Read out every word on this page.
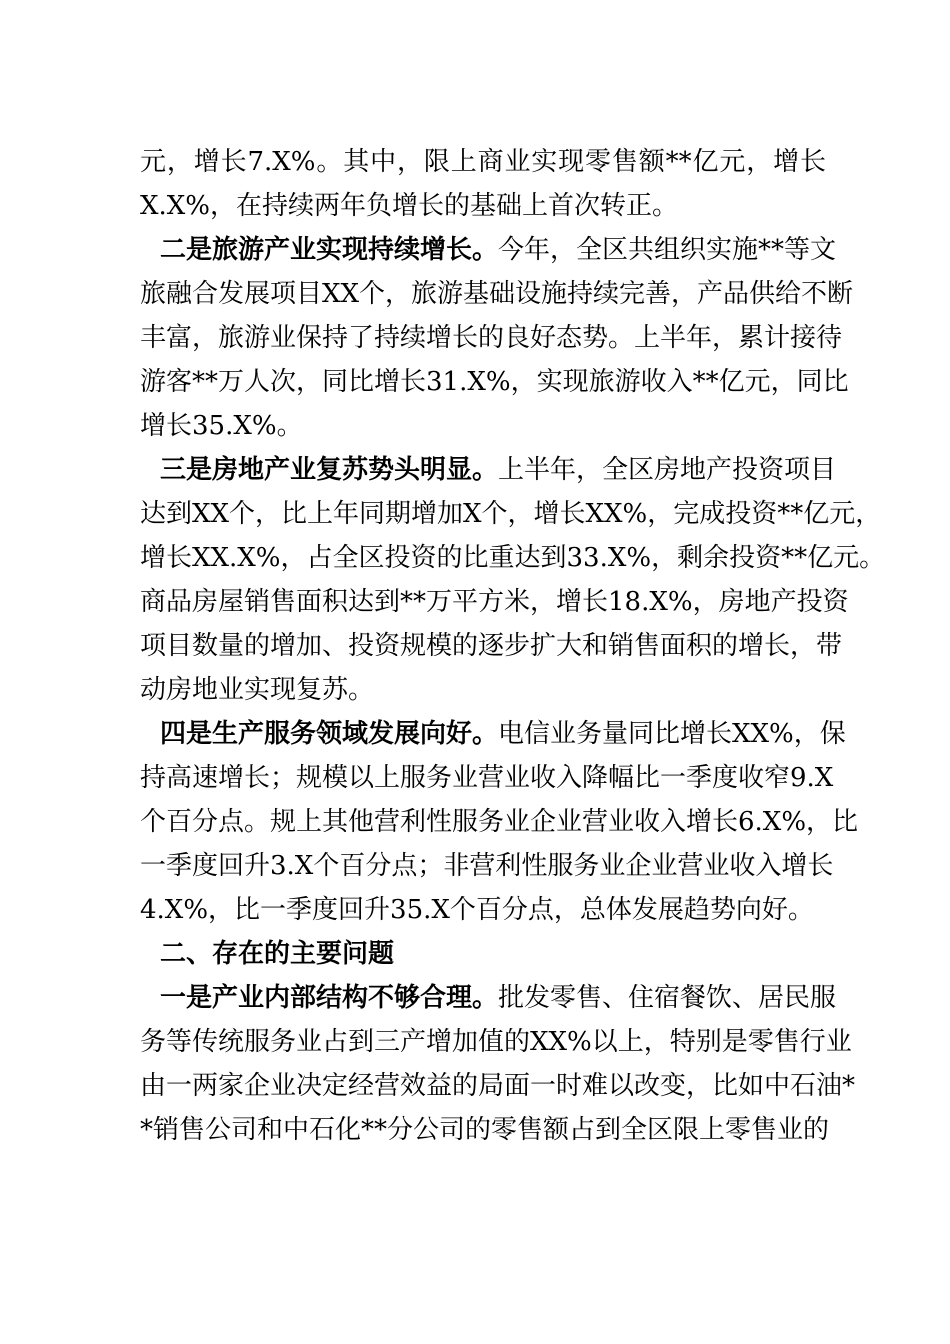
元，增长7.X%。其中，限上商业实现零售额**亿元，增长
X.X%，在持续两年负增长的基础上首次转正。
二是旅游产业实现持续增长。今年，全区共组织实施**等文
旅融合发展项目XX个，旅游基础设施持续完善，产品供给不断
丰富，旅游业保持了持续增长的良好态势。上半年，累计接待
游客**万人次，同比增长31.X%，实现旅游收入**亿元，同比
增长35.X%。
三是房地产业复苏势头明显。上半年，全区房地产投资项目
达到XX个，比上年同期增加X个，增长XX%，完成投资**亿元，
增长XX.X%，占全区投资的比重达到33.X%，剩余投资**亿元。
商品房屋销售面积达到**万平方米，增长18.X%，房地产投资
项目数量的增加、投资规模的逐步扩大和销售面积的增长，带
动房地业实现复苏。
四是生产服务领域发展向好。电信业务量同比增长XX%，保
持高速增长；规模以上服务业营业收入降幅比一季度收窄9.X
个百分点。规上其他营利性服务业企业营业收入增长6.X%，比
一季度回升3.X个百分点；非营利性服务业企业营业收入增长
4.X%，比一季度回升35.X个百分点，总体发展趋势向好。
二、存在的主要问题
一是产业内部结构不够合理。批发零售、住宿餐饮、居民服
务等传统服务业占到三产增加值的XX%以上，特别是零售行业
由一两家企业决定经营效益的局面一时难以改变，比如中石油*
*销售公司和中石化**分公司的零售额占到全区限上零售业的
